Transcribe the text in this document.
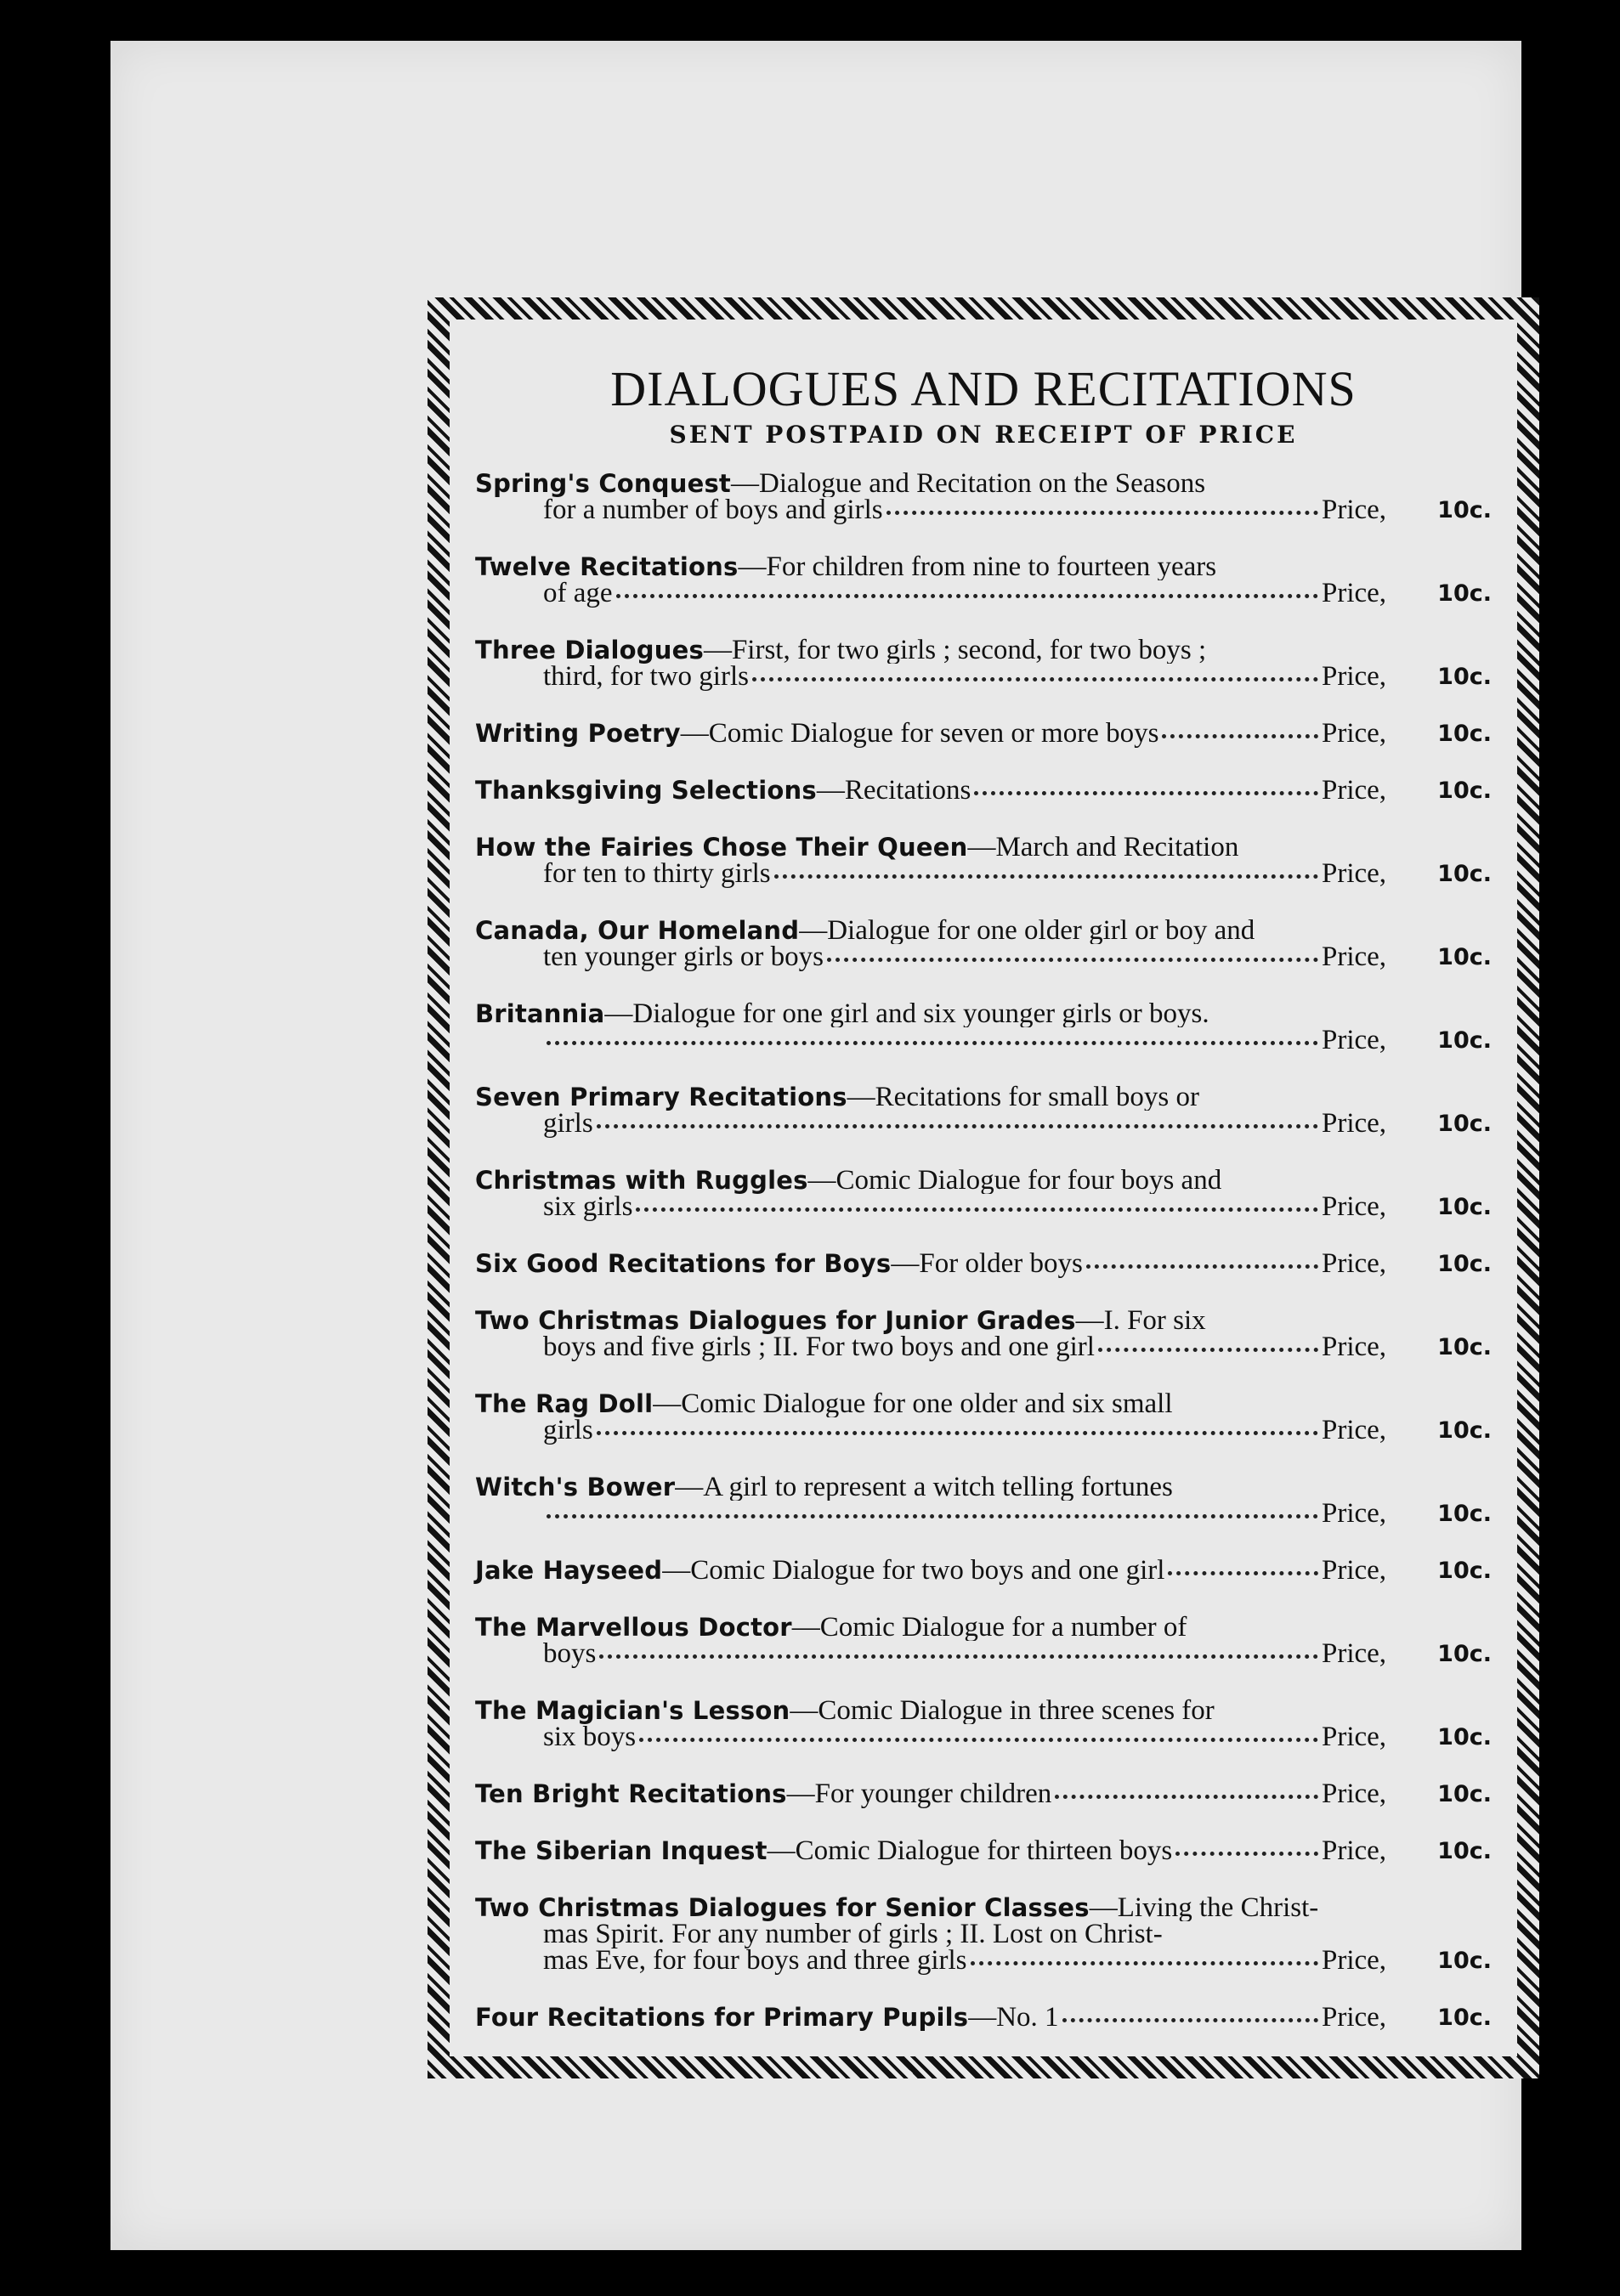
DIALOGUES AND RECITATIONS
SENT POSTPAID ON RECEIPT OF PRICE
Spring's Conquest—Dialogue and Recitation on the Seasons
for a number of boys and girls	Price, 10c.
Twelve Recitations—For children from nine to fourteen years
of age	Price, 10c.
Three Dialogues—First, for two girls ; second, for two boys ;
third, for two girls	Price, 10c.
Writing Poetry—Comic Dialogue for seven or more boys	Price, 10c.
Thanksgiving Selections—Recitations	Price, 10c.
How the Fairies Chose Their Queen—March and Recitation
for ten to thirty girls	Price, 10c.
Canada, Our Homeland—Dialogue for one older girl or boy and
ten younger girls or boys	Price, 10c.
Britannia—Dialogue for one girl and six younger girls or boys.
Price, 10c.
Seven Primary Recitations—Recitations for small boys or
girls	Price, 10c.
Christmas with Ruggles—Comic Dialogue for four boys and
six girls	Price, 10c.
Six Good Recitations for Boys—For older boys	Price, 10c.
Two Christmas Dialogues for Junior Grades—I. For six
boys and five girls ; II. For two boys and one girl	Price, 10c.
The Rag Doll—Comic Dialogue for one older and six small
girls	Price, 10c.
Witch's Bower—A girl to represent a witch telling fortunes
Price, 10c.
Jake Hayseed—Comic Dialogue for two boys and one girl	Price, 10c.
The Marvellous Doctor—Comic Dialogue for a number of
boys	Price, 10c.
The Magician's Lesson—Comic Dialogue in three scenes for
six boys	Price, 10c.
Ten Bright Recitations—For younger children	Price, 10c.
The Siberian Inquest—Comic Dialogue for thirteen boys	Price, 10c.
Two Christmas Dialogues for Senior Classes—Living the Christ-
mas Spirit. For any number of girls ; II. Lost on Christ-
mas Eve, for four boys and three girls	Price, 10c.
Four Recitations for Primary Pupils—No. 1	Price, 10c.
